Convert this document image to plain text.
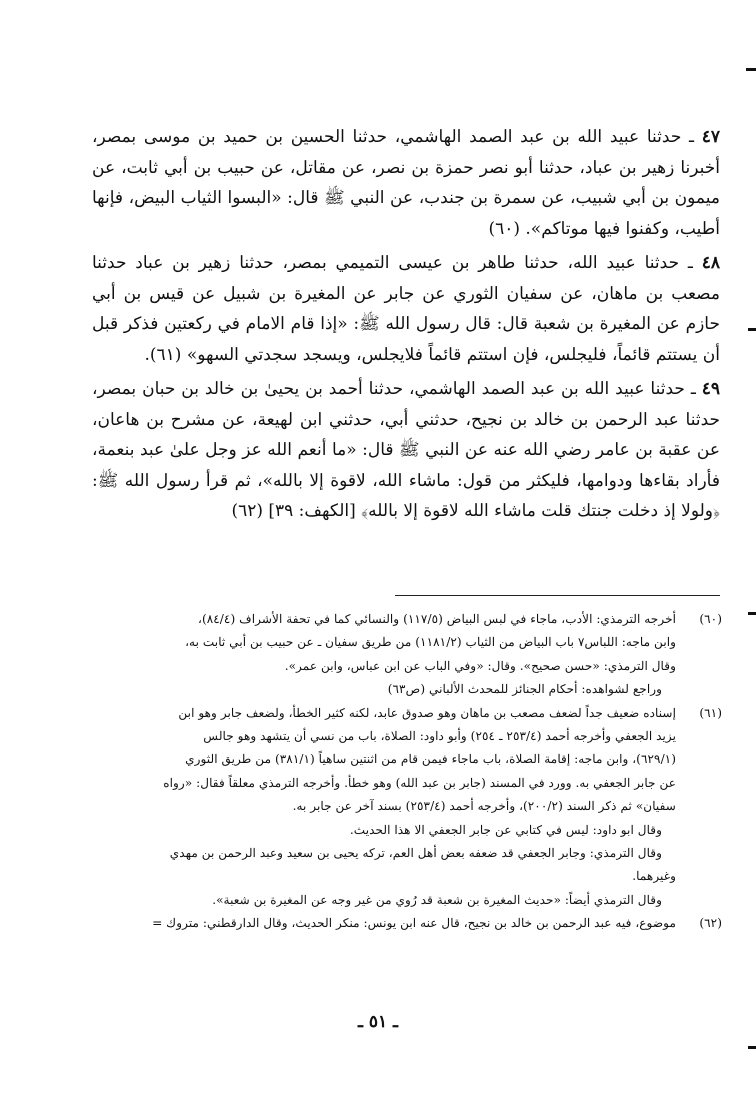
٤٧ ـ حدثنا عبيد الله بن عبد الصمد الهاشمي، حدثنا الحسين بن حميد بن موسى بمصر، أخبرنا زهير بن عباد، حدثنا أبو نصر حمزة بن نصر، عن مقاتل، عن حبيب بن أبي ثابت، عن ميمون بن أبي شبيب، عن سمرة بن جندب، عن النبي ﷺ قال: «البسوا الثياب البيض، فإنها أطيب، وكفنوا فيها موتاكم». (٦٠)

٤٨ ـ حدثنا عبيد الله، حدثنا طاهر بن عيسى التميمي بمصر، حدثنا زهير بن عباد حدثنا مصعب بن ماهان، عن سفيان الثوري عن جابر عن المغيرة بن شبيل عن قيس بن أبي حازم عن المغيرة بن شعبة قال: قال رسول الله ﷺ: «إذا قام الامام في ركعتين فذكر قبل أن يستتم قائماً، فليجلس، فإن استتم قائماً فلايجلس، ويسجد سجدتي السهو» (٦١).

٤٩ ـ حدثنا عبيد الله بن عبد الصمد الهاشمي، حدثنا أحمد بن يحيىٰ بن خالد بن حبان بمصر، حدثنا عبد الرحمن بن خالد بن نجيح، حدثني أبي، حدثني ابن لهيعة، عن مشرح بن هاعان، عن عقبة بن عامر رضي الله عنه عن النبي ﷺ قال: «ما أنعم الله عز وجل علىٰ عبد بنعمة، فأراد بقاءها ودوامها، فليكثر من قول: ماشاء الله، لاقوة إلا بالله»، ثم قرأ رسول الله ﷺ: ﴿ولولا إذ دخلت جنتك قلت ماشاء الله لاقوة إلا بالله﴾ [الكهف: ٣٩] (٦٢)

(٦٠)
أخرجه الترمذي: الأدب، ماجاء في لبس البياض (١١٧/٥) والنسائي كما في تحفة الأشراف (٨٤/٤)،
وابن ماجه: اللباس٧ باب البياض من الثياب (١١٨١/٢) من طريق سفيان ـ عن حبيب بن أبي ثابت به،
وقال الترمذي: «حسن صحيح». وقال: «وفي الباب عن ابن عباس، وابن عمر».
وراجع لشواهده: أحكام الجنائز للمحدث الألباني (ص٦٣)
(٦١)
إسناده ضعيف جداً لضعف مصعب بن ماهان وهو صدوق عابد، لكنه كثير الخطأ، ولضعف جابر وهو ابن
يزيد الجعفي وأخرجه أحمد (٢٥٣/٤ ـ ٢٥٤) وأبو داود: الصلاة، باب من نسي أن يتشهد وهو جالس
(٦٢٩/١)، وابن ماجه: إقامة الصلاة، باب ماجاء فيمن قام من اثنتين ساهياً (٣٨١/١) من طريق الثوري
عن جابر الجعفي به. وورد في المسند (جابر بن عبد الله) وهو خطأ. وأخرجه الترمذي معلقاً فقال: «رواه
سفيان» ثم ذكر السند (٢٠٠/٢)، وأخرجه أحمد (٢٥٣/٤) بسند آخر عن جابر به.
وقال ابو داود: ليس في كتابي عن جابر الجعفي الا هذا الحديث.
وقال الترمذي: وجابر الجعفي قد ضعفه بعض أهل العم، تركه يحيى بن سعيد وعبد الرحمن بن مهدي
وغيرهما.
وقال الترمذي أيضاً: «حديث المغيرة بن شعبة قد رُوي من غير وجه عن المغيرة بن شعبة».
(٦٢)
موضوع، فيه عبد الرحمن بن خالد بن نجيح، قال عنه ابن يونس: منكر الحديث، وقال الدارقطني: متروك =
ـ ٥١ ـ
